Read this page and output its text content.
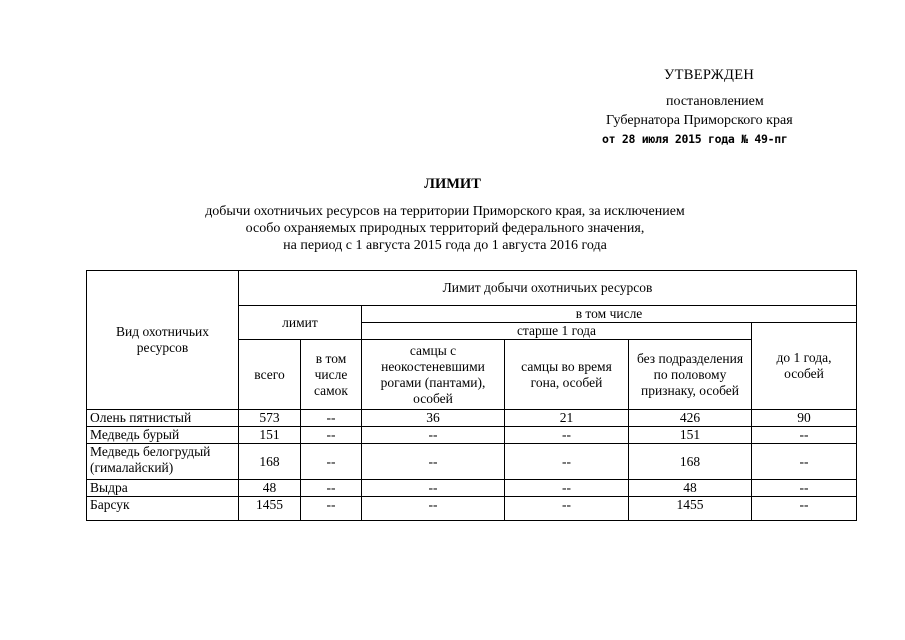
УТВЕРЖДЕН
постановлением
Губернатора Приморского края
от 28 июля 2015 года № 49-пг
ЛИМИТ
добычи охотничьих ресурсов на территории Приморского края, за исключением
особо охраняемых природных территорий федерального значения,
на период с 1 августа 2015 года до 1 августа 2016 года
Вид охотничьих ресурсов	Лимит добычи охотничьих ресурсов					
	лимит		в том числе			
			старше 1 года			до 1 года, особей
	всего	в том числе самок	самцы с неокостеневшими рогами (пантами), особей	самцы во время гона, особей	без подразделения по половому признаку, особей	
Олень пятнистый	573	--	36	21	426	90
Медведь бурый	151	--	--	--	151	--
Медведь белогрудый (гималайский)	168	--	--	--	168	--
Выдра	48	--	--	--	48	--
Барсук	1455	--	--	--	1455	--
